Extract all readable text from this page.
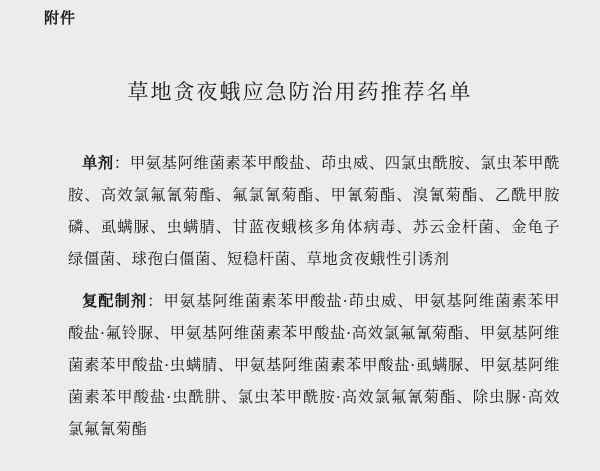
附件
草地贪夜蛾应急防治用药推荐名单

单剂：甲氨基阿维菌素苯甲酸盐、茚虫威、四氯虫酰胺、氯虫苯甲酰胺、高效氯氟氰菊酯、氟氯氰菊酯、甲氰菊酯、溴氰菊酯、乙酰甲胺磷、虱螨脲、虫螨腈、甘蓝夜蛾核多角体病毒、苏云金杆菌、金龟子绿僵菌、球孢白僵菌、短稳杆菌、草地贪夜蛾性引诱剂

复配制剂：甲氨基阿维菌素苯甲酸盐·茚虫威、甲氨基阿维菌素苯甲酸盐·氟铃脲、甲氨基阿维菌素苯甲酸盐·高效氯氟氰菊酯、甲氨基阿维菌素苯甲酸盐·虫螨腈、甲氨基阿维菌素苯甲酸盐·虱螨脲、甲氨基阿维菌素苯甲酸盐·虫酰肼、氯虫苯甲酰胺·高效氯氟氰菊酯、除虫脲·高效氯氟氰菊酯
